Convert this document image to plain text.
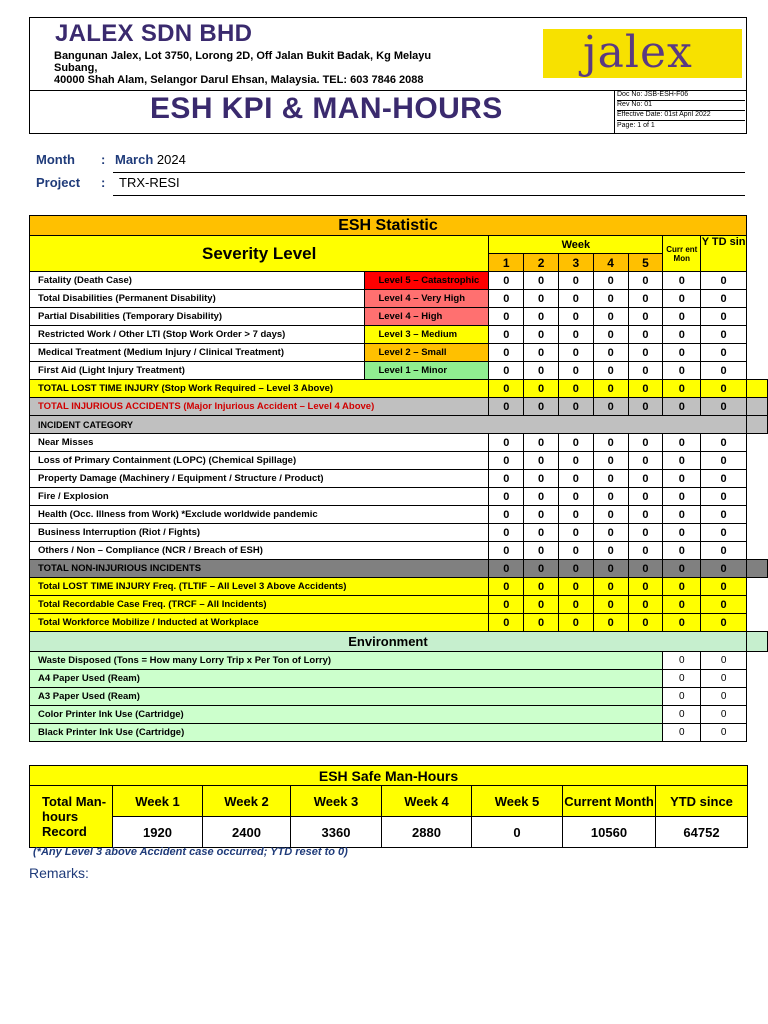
JALEX SDN BHD
Bangunan Jalex, Lot 3750, Lorong 2D, Off Jalan Bukit Badak, Kg Melayu
Subang,
40000 Shah Alam, Selangor Darul Ehsan, Malaysia. TEL: 603 7846 2088
jalex
ESH KPI & MAN-HOURS	Doc No: JSB-ESH-F06
Rev No: 01
Effective Date: 01st April 2022
Page: 1 of 1
Month : March 2024
Project : TRX-RESI
ESH Statistic									
Severity Level		Week					Curr ent Mon	Y TD sin	
		1	2	3	4	5			
Fatality (Death Case)	Level 5 – Catastrophic	0	0	0	0	0	0	0	
Total Disabilities (Permanent Disability)	Level 4 – Very High	0	0	0	0	0	0	0	
Partial Disabilities (Temporary Disability)	Level 4 – High	0	0	0	0	0	0	0	
Restricted Work / Other LTI (Stop Work Order > 7 days)	Level 3 – Medium	0	0	0	0	0	0	0	
Medical Treatment (Medium Injury / Clinical Treatment)	Level 2 – Small	0	0	0	0	0	0	0	
First Aid (Light Injury Treatment)	Level 1 – Minor	0	0	0	0	0	0	0	
TOTAL LOST TIME INJURY (Stop Work Required – Level 3 Above)		0	0	0	0	0	0	0	
TOTAL INJURIOUS ACCIDENTS (Major Injurious Accident – Level 4 Above)		0	0	0	0	0	0	0	
INCIDENT CATEGORY									
Near Misses		0	0	0	0	0	0	0	
Loss of Primary Containment (LOPC) (Chemical Spillage)		0	0	0	0	0	0	0	
Property Damage (Machinery / Equipment / Structure / Product)		0	0	0	0	0	0	0	
Fire / Explosion		0	0	0	0	0	0	0	
Health (Occ. Illness from Work) *Exclude worldwide pandemic		0	0	0	0	0	0	0	
Business Interruption (Riot / Fights)		0	0	0	0	0	0	0	
Others / Non – Compliance (NCR / Breach of ESH)		0	0	0	0	0	0	0	
TOTAL NON-INJURIOUS INCIDENTS		0	0	0	0	0	0	0	
Total LOST TIME INJURY Freq. (TLTIF – All Level 3 Above Accidents)		0	0	0	0	0	0	0	
Total Recordable Case Freq. (TRCF – All Incidents)		0	0	0	0	0	0	0	
Total Workforce Mobilize / Inducted at Workplace		0	0	0	0	0	0	0	
Environment									
Waste Disposed (Tons = How many Lorry Trip x Per Ton of Lorry)							0	0	
A4 Paper Used (Ream)							0	0	
A3 Paper Used (Ream)							0	0	
Color Printer Ink Use (Cartridge)							0	0	
Black Printer Ink Use (Cartridge)							0	0	
ESH Safe Man-Hours							
Total Man-hours Record	Week 1	Week 2	Week 3	Week 4	Week 5	Current Month	YTD since
	1920	2400	3360	2880	0	10560	64752
(*Any Level 3 above Accident case occurred; YTD reset to 0)
Remarks:
